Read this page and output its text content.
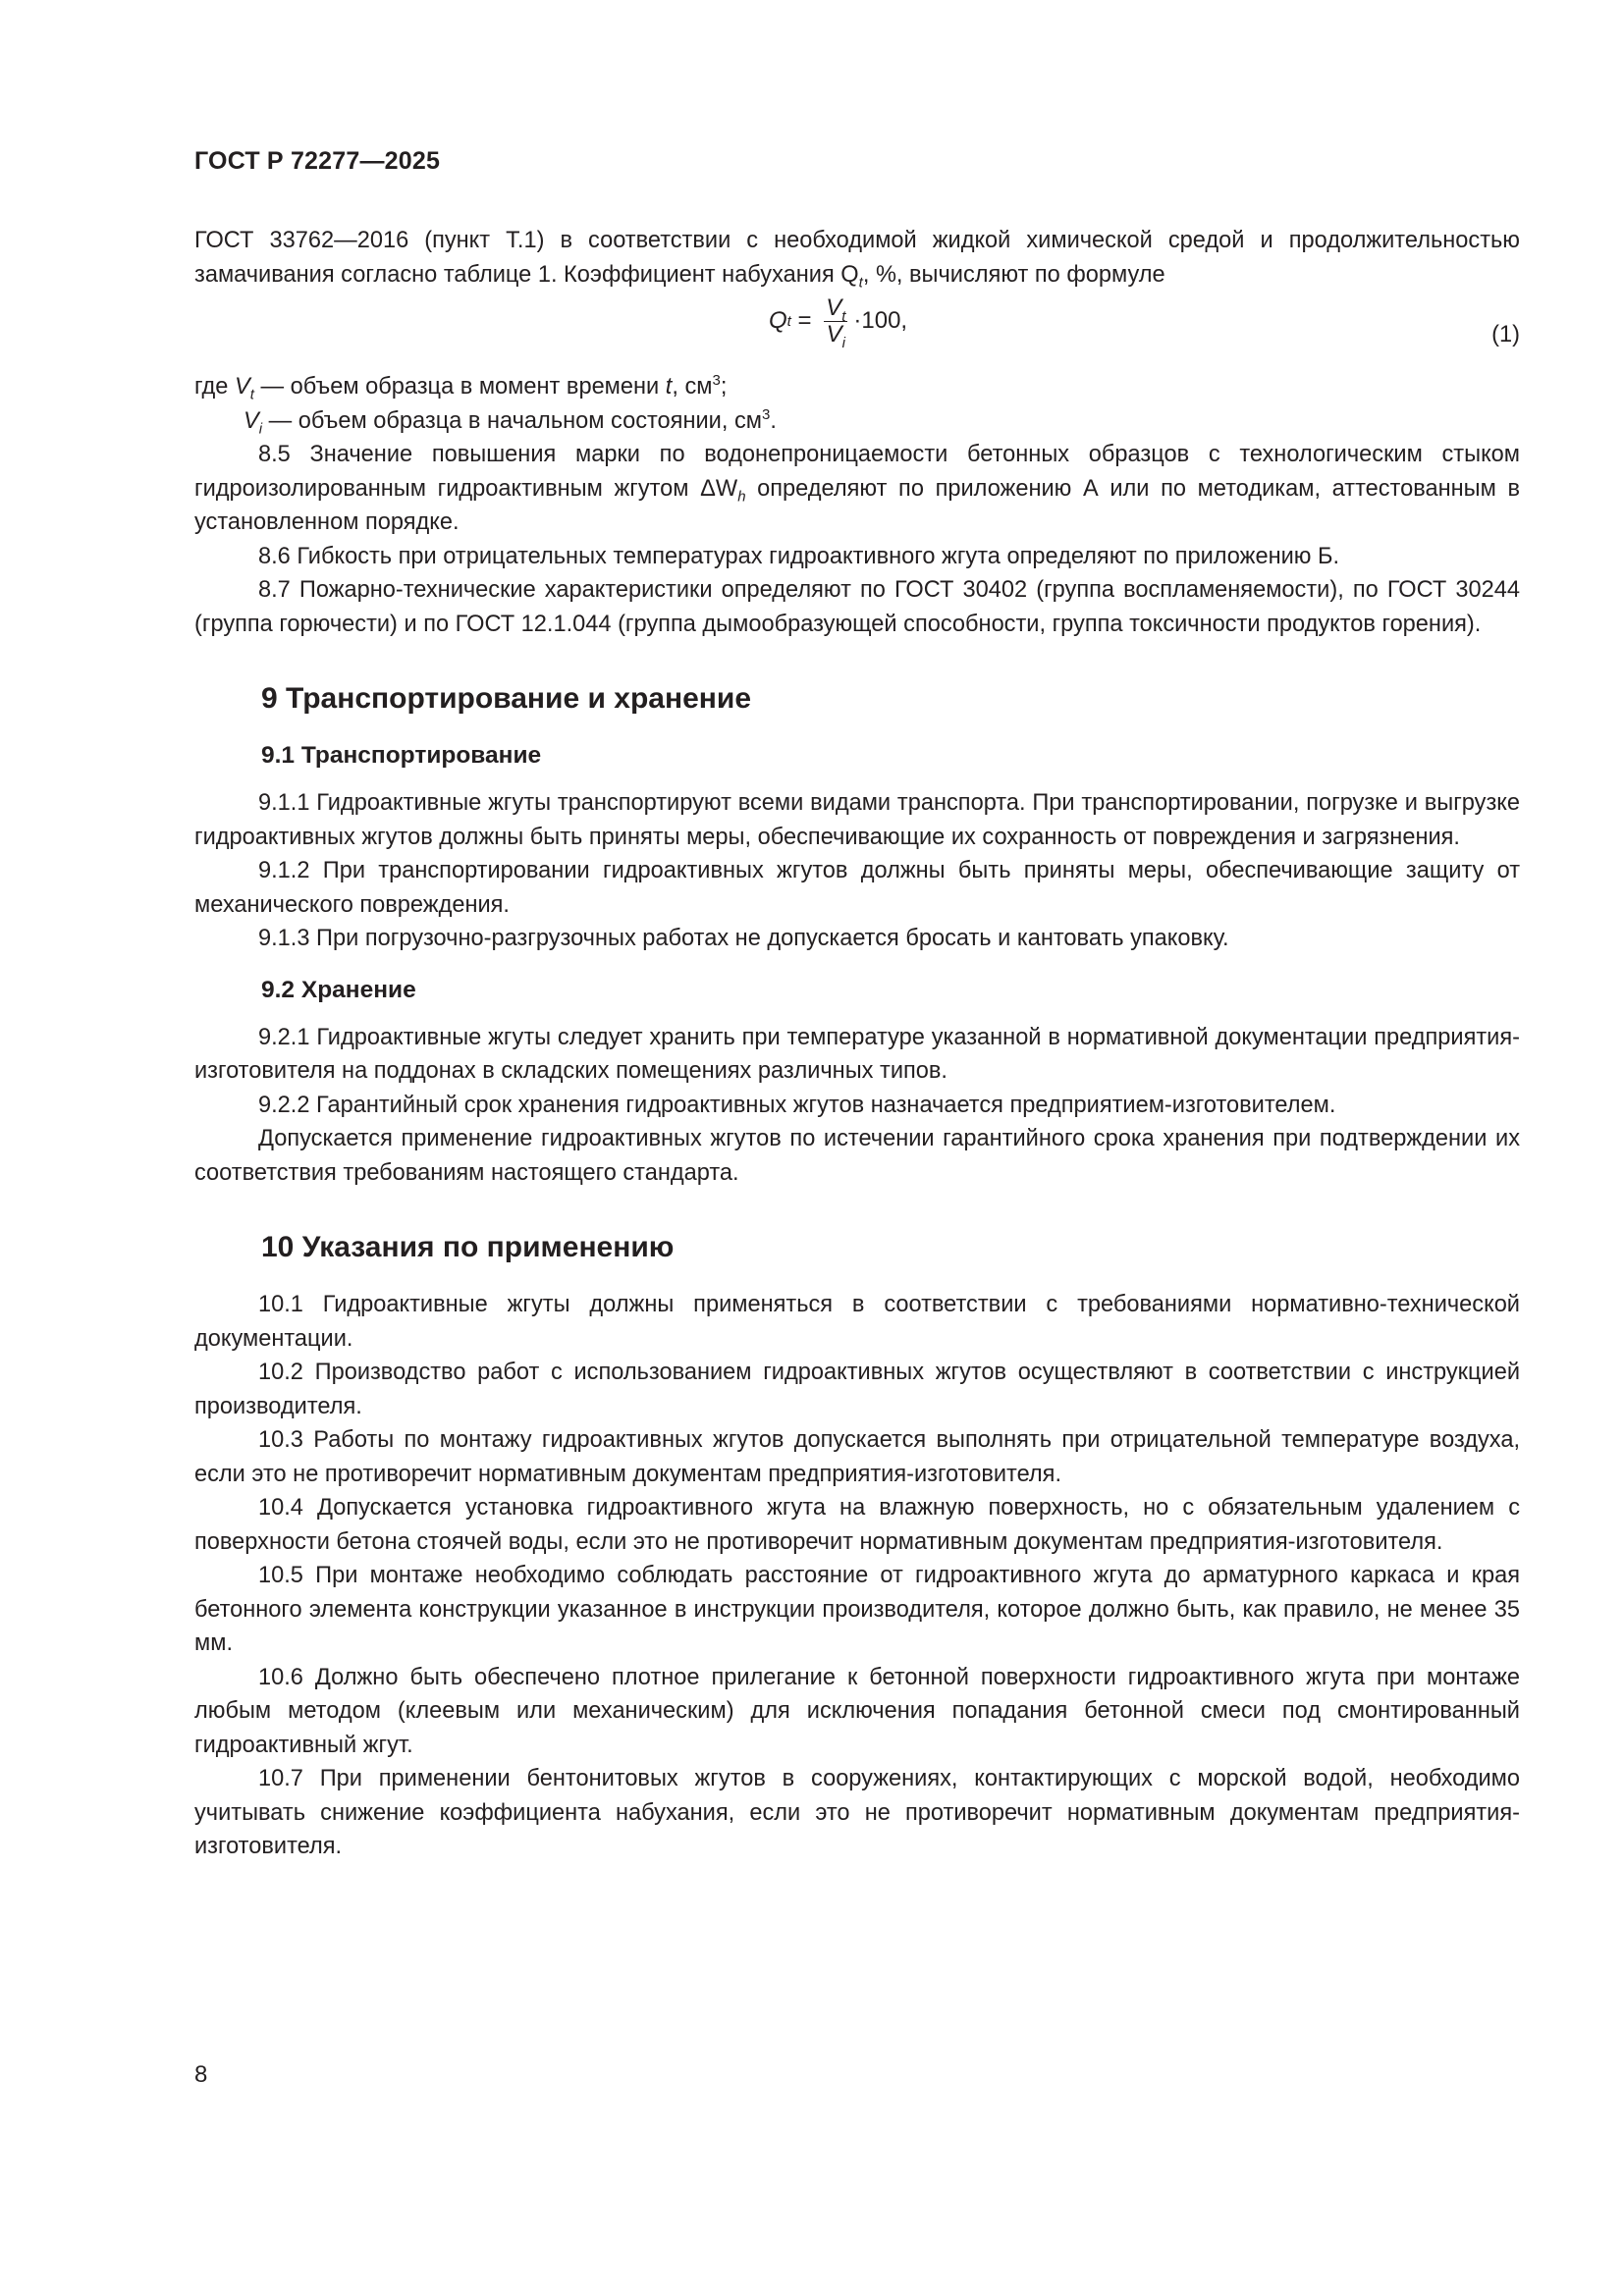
ГОСТ Р 72277—2025

ГОСТ 33762—2016 (пункт Т.1) в соответствии с необходимой жидкой химической средой и продолжительностью замачивания согласно таблице 1. Коэффициент набухания $Q_t$, %, вычисляют по формуле

Q $t = \frac{V_t}{V_i} \cdot 100$,
(1)

где $V_t$ — объем образца в момент времени t, $см^3$;

$V_i$ — объем образца в начальном состоянии, $см^3$.

8.5 Значение повышения марки по водонепроницаемости бетонных образцов с технологическим стыком гидроизолированным гидроактивным жгутом $\Delta W_h$ определяют по приложению А или по методикам, аттестованным в установленном порядке.

8.6 Гибкость при отрицательных температурах гидроактивного жгута определяют по приложению Б.

8.7 Пожарно-технические характеристики определяют по ГОСТ 30402 (группа воспламеняемости), по ГОСТ 30244 (группа горючести) и по ГОСТ 12.1.044 (группа дымообразующей способности, группа токсичности продуктов горения).

9 Транспортирование и хранение
9.1 Транспортирование

9.1.1 Гидроактивные жгуты транспортируют всеми видами транспорта. При транспортировании, погрузке и выгрузке гидроактивных жгутов должны быть приняты меры, обеспечивающие их сохранность от повреждения и загрязнения.

9.1.2 При транспортировании гидроактивных жгутов должны быть приняты меры, обеспечивающие защиту от механического повреждения.

9.1.3 При погрузочно-разгрузочных работах не допускается бросать и кантовать упаковку.

9.2 Хранение

9.2.1 Гидроактивные жгуты следует хранить при температуре указанной в нормативной документации предприятия-изготовителя на поддонах в складских помещениях различных типов.

9.2.2 Гарантийный срок хранения гидроактивных жгутов назначается предприятием-изготовителем.

Допускается применение гидроактивных жгутов по истечении гарантийного срока хранения при подтверждении их соответствия требованиям настоящего стандарта.

10 Указания по применению

10.1 Гидроактивные жгуты должны применяться в соответствии с требованиями нормативно-технической документации.

10.2 Производство работ с использованием гидроактивных жгутов осуществляют в соответствии с инструкцией производителя.

10.3 Работы по монтажу гидроактивных жгутов допускается выполнять при отрицательной температуре воздуха, если это не противоречит нормативным документам предприятия-изготовителя.

10.4 Допускается установка гидроактивного жгута на влажную поверхность, но с обязательным удалением с поверхности бетона стоячей воды, если это не противоречит нормативным документам предприятия-изготовителя.

10.5 При монтаже необходимо соблюдать расстояние от гидроактивного жгута до арматурного каркаса и края бетонного элемента конструкции указанное в инструкции производителя, которое должно быть, как правило, не менее 35 мм.

10.6 Должно быть обеспечено плотное прилегание к бетонной поверхности гидроактивного жгута при монтаже любым методом (клеевым или механическим) для исключения попадания бетонной смеси под смонтированный гидроактивный жгут.

10.7 При применении бентонитовых жгутов в сооружениях, контактирующих с морской водой, необходимо учитывать снижение коэффициента набухания, если это не противоречит нормативным документам предприятия-изготовителя.

8
